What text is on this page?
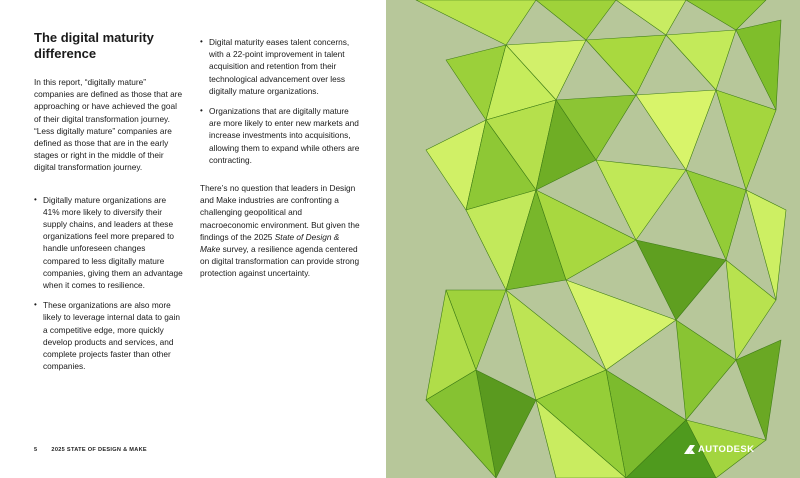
The digital maturity difference

In this report, “digitally mature” companies are defined as those that are approaching or have achieved the goal of their digital transformation journey. “Less digitally mature” companies are defined as those that are in the early stages or right in the middle of their digital transformation journey.

• Digitally mature organizations are 41% more likely to diversify their supply chains, and leaders at these organizations feel more prepared to handle unforeseen changes compared to less digitally mature companies, giving them an advantage when it comes to resilience.
• These organizations are also more likely to leverage internal data to gain a competitive edge, more quickly develop products and services, and complete projects faster than other companies.
• Digital maturity eases talent concerns, with a 22-point improvement in talent acquisition and retention from their technological advancement over less digitally mature organizations.
• Organizations that are digitally mature are more likely to enter new markets and increase investments into acquisitions, allowing them to expand while others are contracting.

There’s no question that leaders in Design and Make industries are confronting a challenging geopolitical and macroeconomic environment. But given the findings of the 2025 State of Design & Make survey, a resilience agenda centered on digital transformation can provide strong protection against uncertainty.

5	2025 STATE OF DESIGN & MAKE	AUTODESK
